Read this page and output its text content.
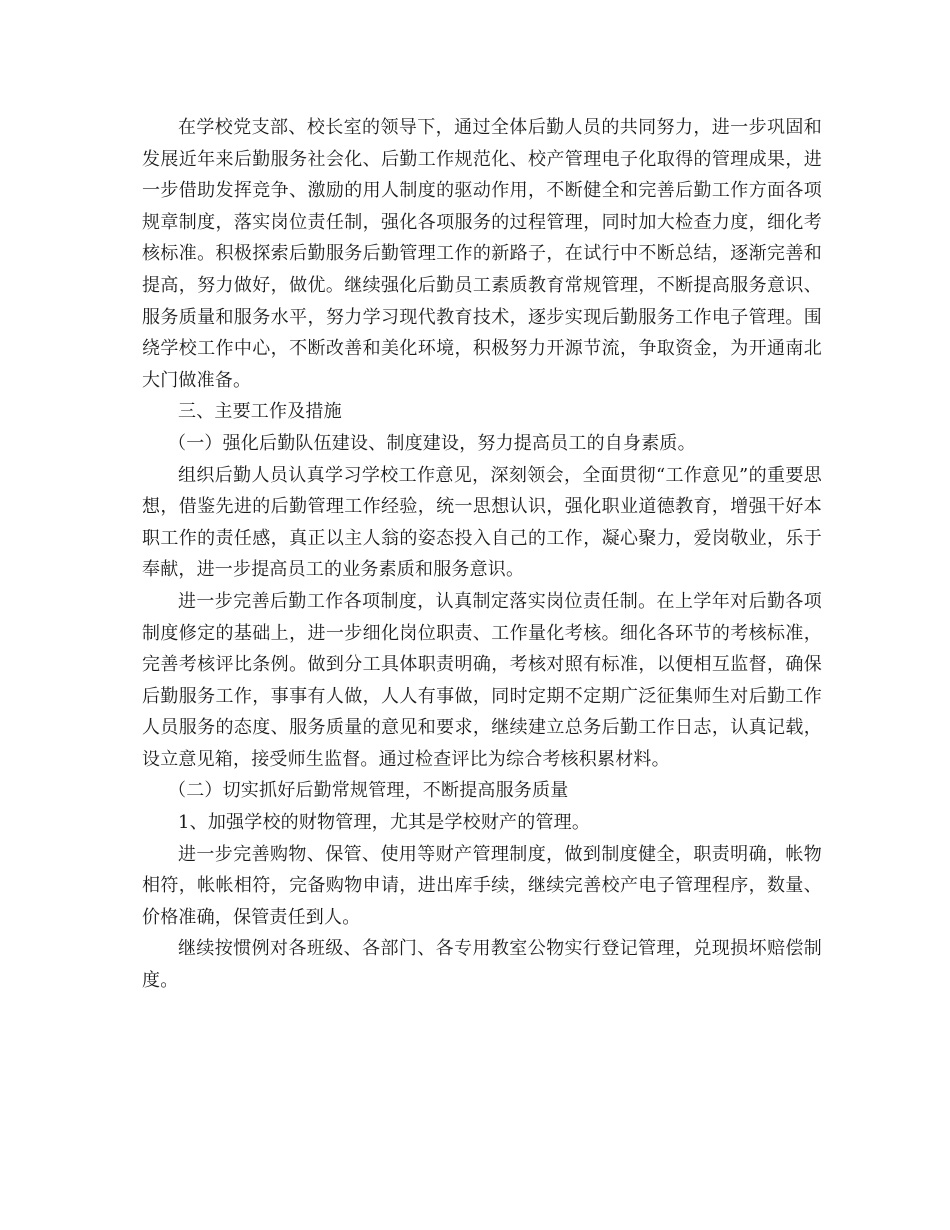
在学校党支部、校长室的领导下，通过全体后勤人员的共同努力，进一步巩固和发展近年来后勤服务社会化、后勤工作规范化、校产管理电子化取得的管理成果，进一步借助发挥竞争、激励的用人制度的驱动作用，不断健全和完善后勤工作方面各项规章制度，落实岗位责任制，强化各项服务的过程管理，同时加大检查力度，细化考核标准。积极探索后勤服务后勤管理工作的新路子，在试行中不断总结，逐渐完善和提高，努力做好，做优。继续强化后勤员工素质教育常规管理，不断提高服务意识、服务质量和服务水平，努力学习现代教育技术，逐步实现后勤服务工作电子管理。围绕学校工作中心，不断改善和美化环境，积极努力开源节流，争取资金，为开通南北大门做准备。

三、主要工作及措施

（一）强化后勤队伍建设、制度建设，努力提高员工的自身素质。

组织后勤人员认真学习学校工作意见，深刻领会，全面贯彻“工作意见”的重要思想，借鉴先进的后勤管理工作经验，统一思想认识，强化职业道德教育，增强干好本职工作的责任感，真正以主人翁的姿态投入自己的工作，凝心聚力，爱岗敬业，乐于奉献，进一步提高员工的业务素质和服务意识。

进一步完善后勤工作各项制度，认真制定落实岗位责任制。在上学年对后勤各项制度修定的基础上，进一步细化岗位职责、工作量化考核。细化各环节的考核标准，完善考核评比条例。做到分工具体职责明确，考核对照有标准，以便相互监督，确保后勤服务工作，事事有人做，人人有事做，同时定期不定期广泛征集师生对后勤工作人员服务的态度、服务质量的意见和要求，继续建立总务后勤工作日志，认真记载，设立意见箱，接受师生监督。通过检查评比为综合考核积累材料。

（二）切实抓好后勤常规管理，不断提高服务质量

1、加强学校的财物管理，尤其是学校财产的管理。

进一步完善购物、保管、使用等财产管理制度，做到制度健全，职责明确，帐物相符，帐帐相符，完备购物申请，进出库手续，继续完善校产电子管理程序，数量、价格准确，保管责任到人。

继续按惯例对各班级、各部门、各专用教室公物实行登记管理，兑现损坏赔偿制度。
